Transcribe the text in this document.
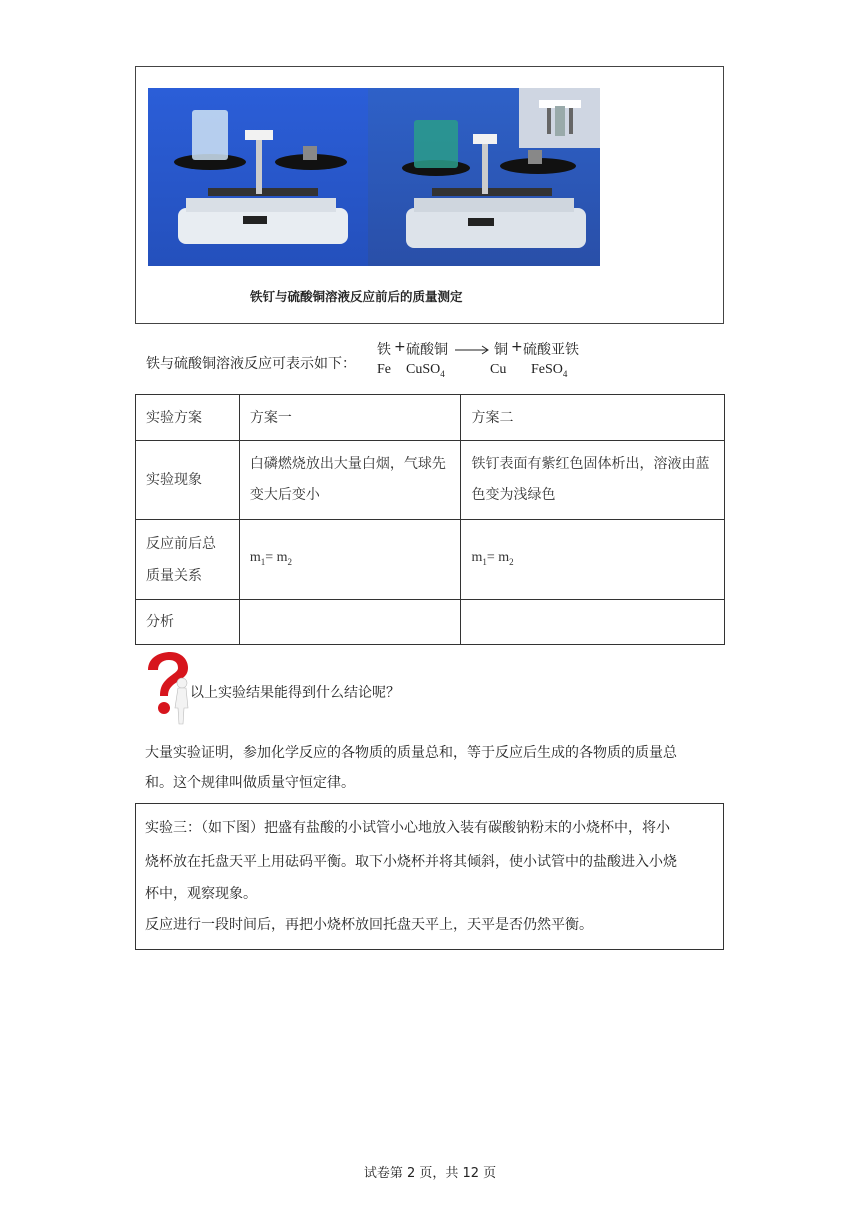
铁钉与硫酸铜溶液反应前后的质量测定
铁与硫酸铜溶液反应可表示如下：
铁 + 硫酸铜 → 铜 + 硫酸亚铁
Fe CuSO$_4$	Cu FeSO$_4$
实验方案	方案一	方案二
实验现象	白磷燃烧放出大量白烟，气球先变大后变小	铁钉表面有紫红色固体析出，溶液由蓝色变为浅绿色
反应前后总质量关系	$m_1= m_2$	$m_1= m_2$
分析		
以上实验结果能得到什么结论呢？
大量实验证明，参加化学反应的各物质的质量总和，等于反应后生成的各物质的质量总
和。这个规律叫做质量守恒定律。
实验三：（如下图）把盛有盐酸的小试管小心地放入装有碳酸钠粉末的小烧杯中，将小
烧杯放在托盘天平上用砝码平衡。取下小烧杯并将其倾斜，使小试管中的盐酸进入小烧
杯中，观察现象。
反应进行一段时间后，再把小烧杯放回托盘天平上，天平是否仍然平衡。
试卷第 2 页，共 12 页
